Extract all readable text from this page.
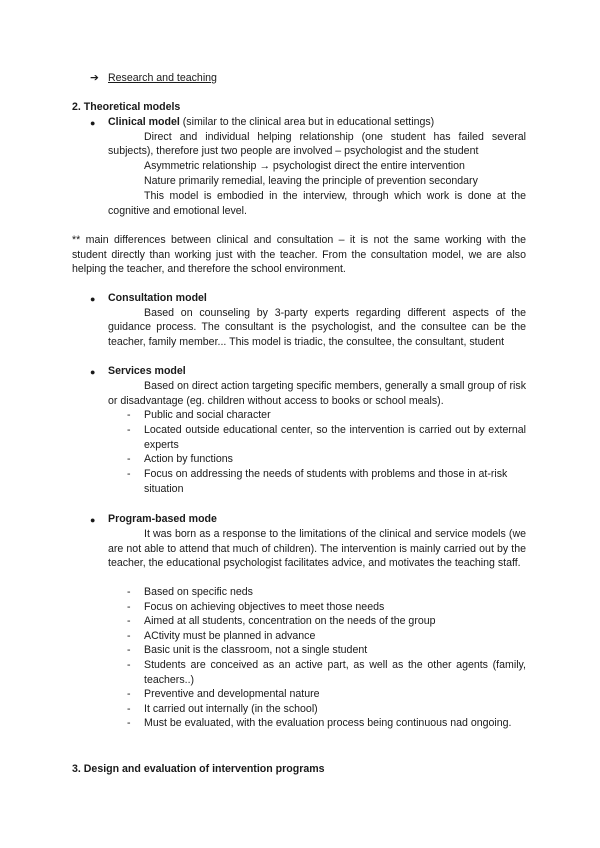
➔ Research and teaching

2. Theoretical models

● Clinical model (similar to the clinical area but in educational settings)

Direct and individual helping relationship (one student has failed several subjects), therefore just two people are involved – psychologist and the student

Asymmetric relationship → psychologist direct the entire intervention

Nature primarily remedial, leaving the principle of prevention secondary

This model is embodied in the interview, through which work is done at the cognitive and emotional level.

** main differences between clinical and consultation – it is not the same working with the student directly than working just with the teacher. From the consultation model, we are also helping the teacher, and therefore the school environment.

● Consultation model

Based on counseling by 3-party experts regarding different aspects of the guidance process. The consultant is the psychologist, and the consultee can be the teacher, family member... This model is triadic, the consultee, the consultant, student

● Services model

Based on direct action targeting specific members, generally a small group of risk or disadvantage (eg. children without access to books or school meals).

- Public and social character

- Located outside educational center, so the intervention is carried out by external experts

- Action by functions

- Focus on addressing the needs of students with problems and those in at-risk situation

● Program-based mode

It was born as a response to the limitations of the clinical and service models (we are not able to attend that much of children). The intervention is mainly carried out by the teacher, the educational psychologist facilitates advice, and motivates the teaching staff.

- Based on specific neds

- Focus on achieving objectives to meet those needs

- Aimed at all students, concentration on the needs of the group

- ACtivity must be planned in advance

- Basic unit is the classroom, not a single student

- Students are conceived as an active part, as well as the other agents (family, teachers..)

- Preventive and developmental nature

- It carried out internally (in the school)

- Must be evaluated, with the evaluation process being continuous nad ongoing.

3. Design and evaluation of intervention programs
